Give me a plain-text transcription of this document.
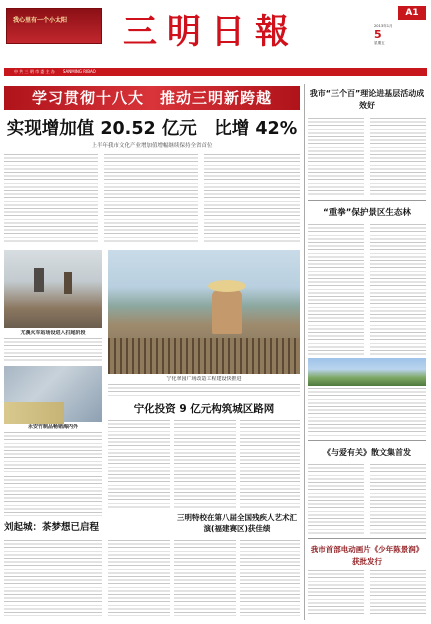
我心里有一个小太阳 三明日報	A1
2013年1月
5
星期五
中 共 三 明 市 委 主 办　　SANMING RIBAO
学习贯彻十八大　推动三明新跨越
实现增加值 20.52 亿元　比增 42%
上半年我市文化产业增加值增幅继续保持全省首位
宁化翠园广场改造工程建设快推进
尤溪火车站场设进入扫尾阶段
永安竹制品畅销海内外
宁化投资 9 亿元构筑城区路网
刘起城：茶梦想已启程
三明特校在第八届全国残疾人艺术汇演(福建赛区)获佳绩
我市“三个百”理论进基层活动成效好
“重拳”保护景区生态林
《与爱有关》散文集首发
我市首部电动画片《少年陈景润》获批发行
